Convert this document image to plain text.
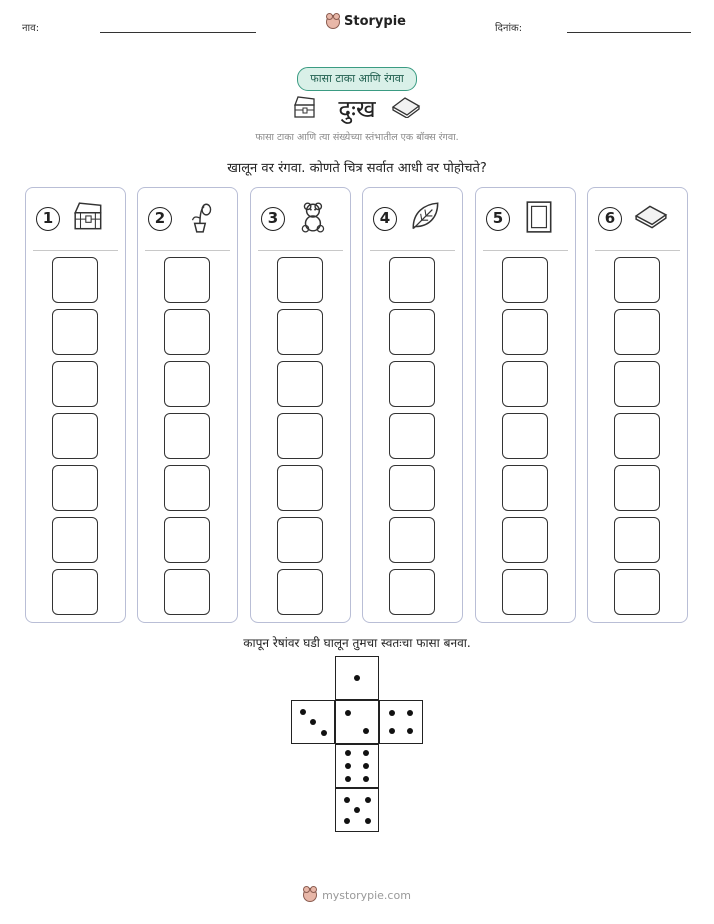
नाव:	Storypie	दिनांक:
फासा टाका आणि रंगवा
दुःख
फासा टाका आणि त्या संख्येच्या स्तंभातील एक बॉक्स रंगवा.
खालून वर रंगवा. कोणते चित्र सर्वात आधी वर पोहोचते?
1	2	3	4	5	6
कापून रेषांवर घडी घालून तुमचा स्वतःचा फासा बनवा.
mystorypie.com
